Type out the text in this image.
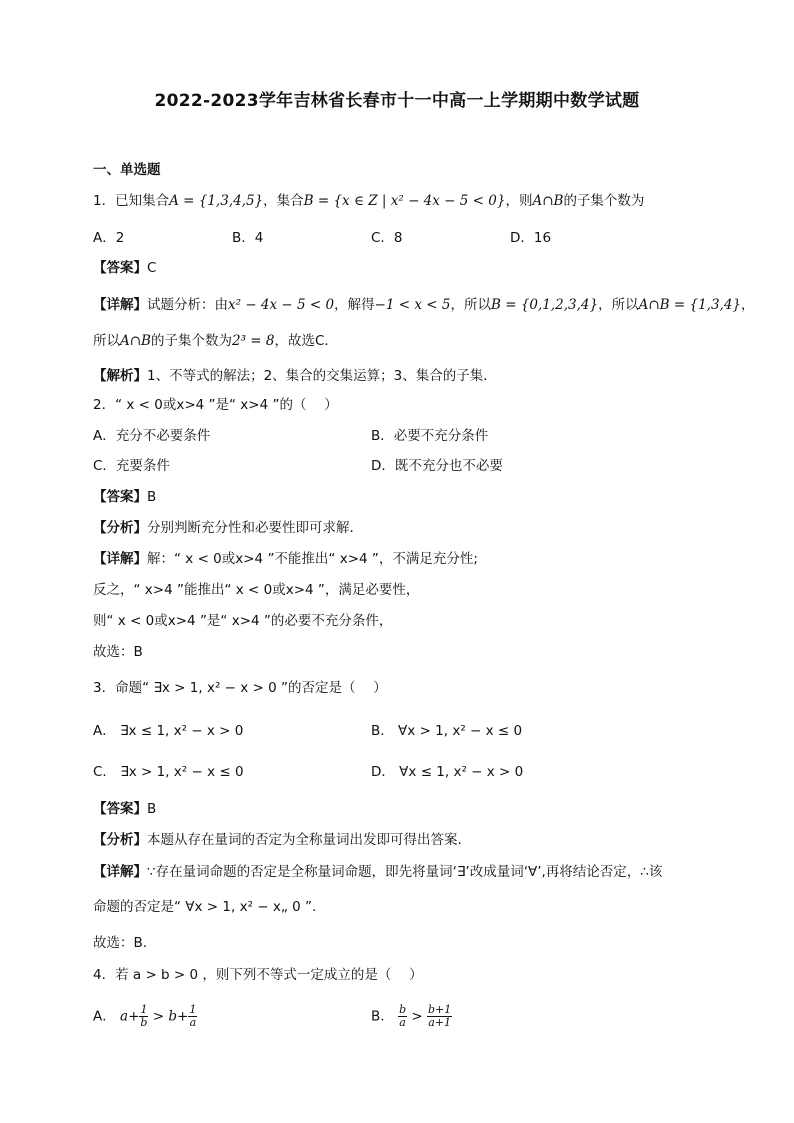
2022-2023学年吉林省长春市十一中高一上学期期中数学试题
一、单选题
1．已知集合A = {1,3,4,5}，集合B = {x ∈ Z | x² − 4x − 5 < 0}，则A∩B的子集个数为
A．2	B．4	C．8	D．16
【答案】C
【详解】试题分析：由x² − 4x − 5 < 0，解得−1 < x < 5，所以B = {0,1,2,3,4}，所以A∩B = {1,3,4}，
所以A∩B的子集个数为2³ = 8，故选C．
【解析】1、不等式的解法；2、集合的交集运算；3、集合的子集．
2．“ x < 0或x>4 ”是“ x>4 ”的（　 ）
A．充分不必要条件	B．必要不充分条件
C．充要条件	D．既不充分也不必要
【答案】B
【分析】分别判断充分性和必要性即可求解.
【详解】解：“ x < 0或x>4 ”不能推出“ x>4 ”，不满足充分性;
反之，“ x>4 ”能推出“ x < 0或x>4 ”，满足必要性，
则“ x < 0或x>4 ”是“ x>4 ”的必要不充分条件，
故选：B
3．命题“ ∃x > 1, x² − x > 0 ”的否定是（　 ）
A． ∃x ≤ 1, x² − x > 0	B． ∀x > 1, x² − x ≤ 0
C． ∃x > 1, x² − x ≤ 0	D． ∀x ≤ 1, x² − x > 0
【答案】B
【分析】本题从存在量词的否定为全称量词出发即可得出答案.
【详解】∵存在量词命题的否定是全称量词命题，即先将量词‘∃’改成量词‘∀’,再将结论否定，∴该
命题的否定是“ ∀x > 1, x² − x„ 0 ”.
故选：B.
4．若 a > b > 0 ，则下列不等式一定成立的是（　 ）
A． $a+ \frac{1}{b} > b+ \frac{1}{a}$	B． $\frac{b}{a} > \frac{b+1}{a+1}$
